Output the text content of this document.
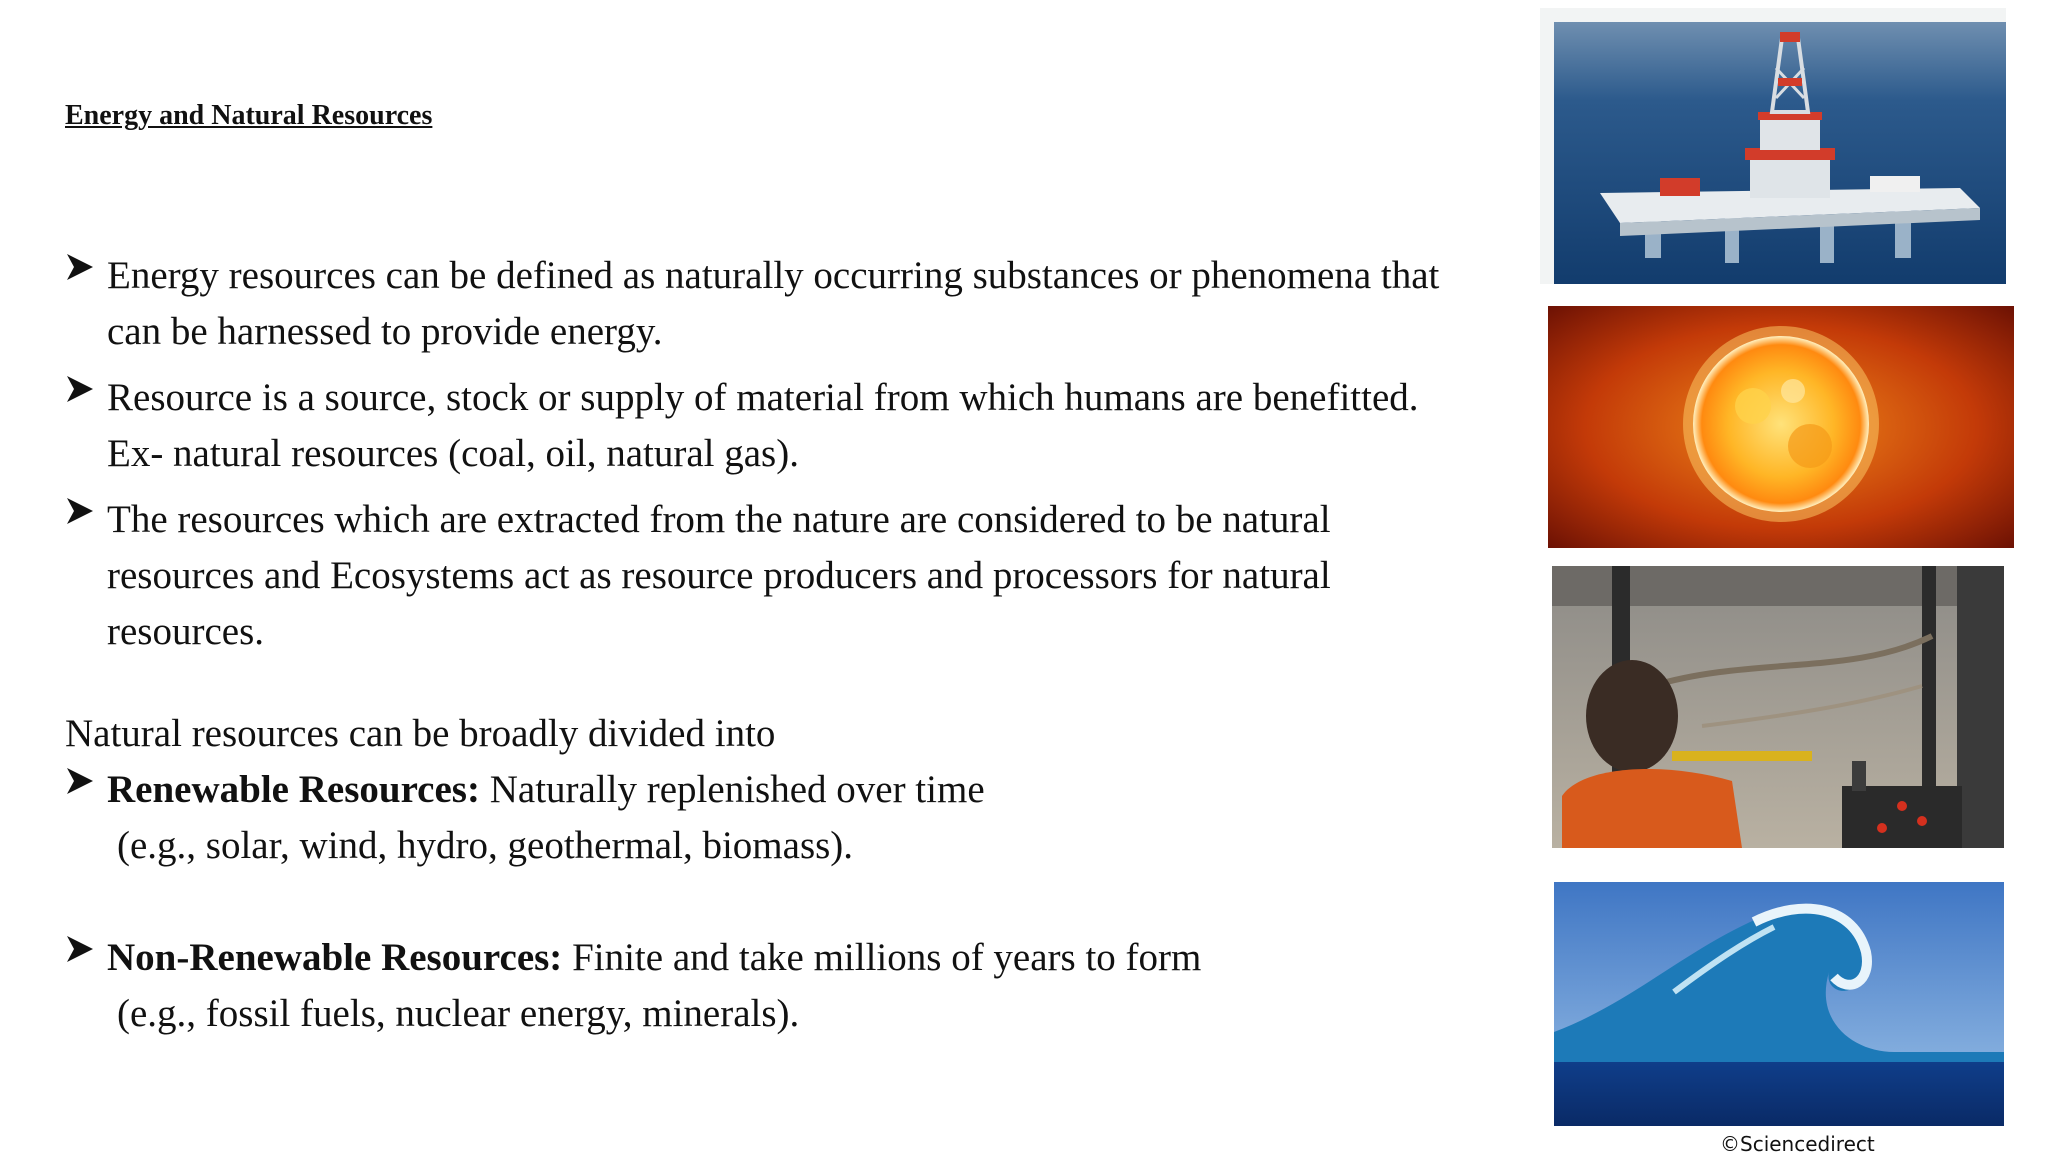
Energy and Natural Resources
Energy resources can be defined as naturally occurring substances or phenomena that
can be harnessed to provide energy.
Resource is a source, stock or supply of material from which humans are benefitted.
Ex- natural resources (coal, oil, natural gas).
The resources which are extracted from the nature are considered to be natural
resources and Ecosystems act as resource producers and processors for natural
resources.
Natural resources can be broadly divided into
Renewable Resources: Naturally replenished over time
(e.g., solar, wind, hydro, geothermal, biomass).
Non-Renewable Resources: Finite and take millions of years to form
(e.g., fossil fuels, nuclear energy, minerals).
©Sciencedirect
